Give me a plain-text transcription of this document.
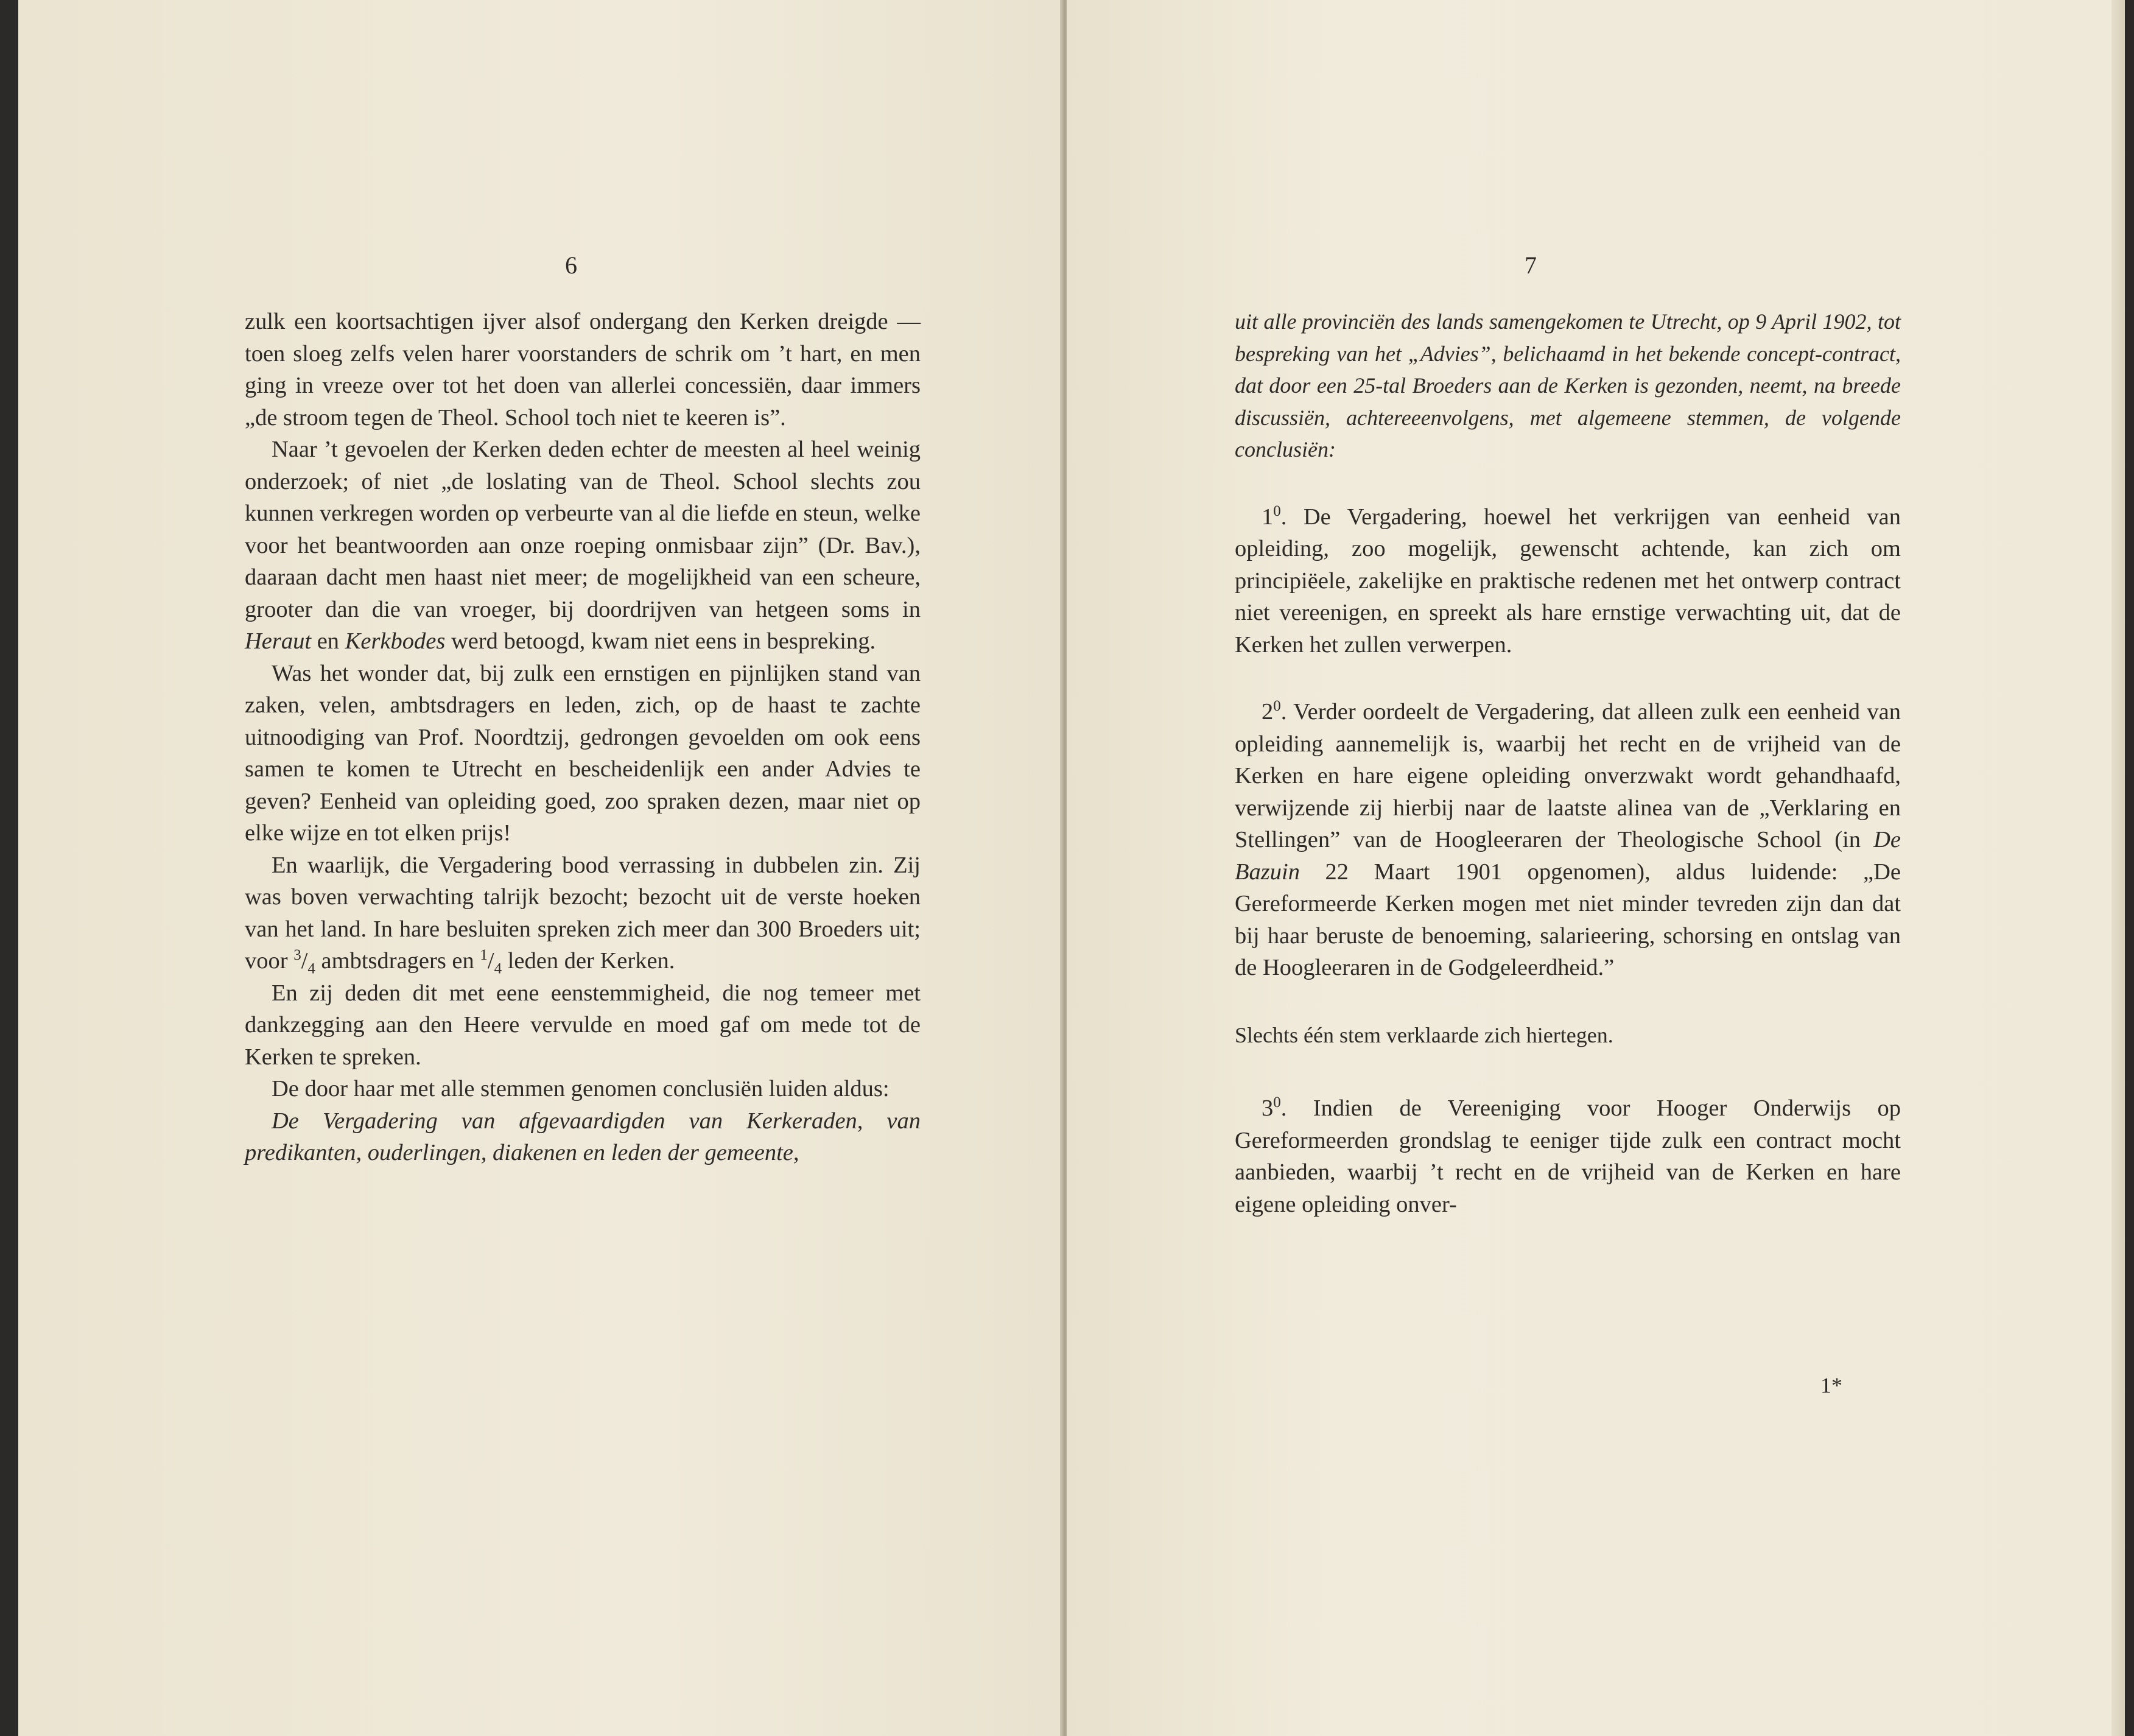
6

zulk een koortsachtigen ijver alsof ondergang den Kerken dreigde — toen sloeg zelfs velen harer voorstanders de schrik om ’t hart, en men ging in vreeze over tot het doen van allerlei concessiën, daar immers „de stroom tegen de Theol. School toch niet te keeren is”.

Naar ’t gevoelen der Kerken deden echter de meesten al heel weinig onderzoek; of niet „de loslating van de Theol. School slechts zou kunnen verkregen worden op verbeurte van al die liefde en steun, welke voor het beantwoorden aan onze roeping onmisbaar zijn” (Dr. Bav.), daaraan dacht men haast niet meer; de mogelijkheid van een scheure, grooter dan die van vroeger, bij doordrijven van hetgeen soms in Heraut en Kerkbodes werd betoogd, kwam niet eens in bespreking.

Was het wonder dat, bij zulk een ernstigen en pijnlijken stand van zaken, velen, ambtsdragers en leden, zich, op de haast te zachte uitnoodiging van Prof. Noordtzij, gedrongen gevoelden om ook eens samen te komen te Utrecht en bescheidenlijk een ander Advies te geven? Eenheid van opleiding goed, zoo spraken dezen, maar niet op elke wijze en tot elken prijs!

En waarlijk, die Vergadering bood verrassing in dubbelen zin. Zij was boven verwachting talrijk bezocht; bezocht uit de verste hoeken van het land. In hare besluiten spreken zich meer dan 300 Broeders uit; voor $^3/_4$ ambtsdragers en $^1/_4$ leden der Kerken.

En zij deden dit met eene eenstemmigheid, die nog temeer met dankzegging aan den Heere vervulde en moed gaf om mede tot de Kerken te spreken.

De door haar met alle stemmen genomen conclusiën luiden aldus:

De Vergadering van afgevaardigden van Kerkeraden, van predikanten, ouderlingen, diakenen en leden der gemeente,

7

uit alle provinciën des lands samengekomen te Utrecht, op 9 April 1902, tot bespreking van het „Advies”, belichaamd in het bekende concept-contract, dat door een 25-tal Broeders aan de Kerken is gezonden, neemt, na breede discussiën, achtereeenvolgens, met algemeene stemmen, de volgende conclusiën:

$1^0$. De Vergadering, hoewel het verkrijgen van eenheid van opleiding, zoo mogelijk, gewenscht achtende, kan zich om principiëele, zakelijke en praktische redenen met het ontwerp contract niet vereenigen, en spreekt als hare ernstige verwachting uit, dat de Kerken het zullen verwerpen.

$2^0$. Verder oordeelt de Vergadering, dat alleen zulk een eenheid van opleiding aannemelijk is, waarbij het recht en de vrijheid van de Kerken en hare eigene opleiding onverzwakt wordt gehandhaafd, verwijzende zij hierbij naar de laatste alinea van de „Verklaring en Stellingen” van de Hoogleeraren der Theologische School (in De Bazuin 22 Maart 1901 opgenomen), aldus luidende: „De Gereformeerde Kerken mogen met niet minder tevreden zijn dan dat bij haar beruste de benoeming, salarieering, schorsing en ontslag van de Hoogleeraren in de Godgeleerdheid.”

Slechts één stem verklaarde zich hiertegen.

$3^0$. Indien de Vereeniging voor Hooger Onderwijs op Gereformeerden grondslag te eeniger tijde zulk een contract mocht aanbieden, waarbij ’t recht en de vrijheid van de Kerken en hare eigene opleiding onver-

1*
